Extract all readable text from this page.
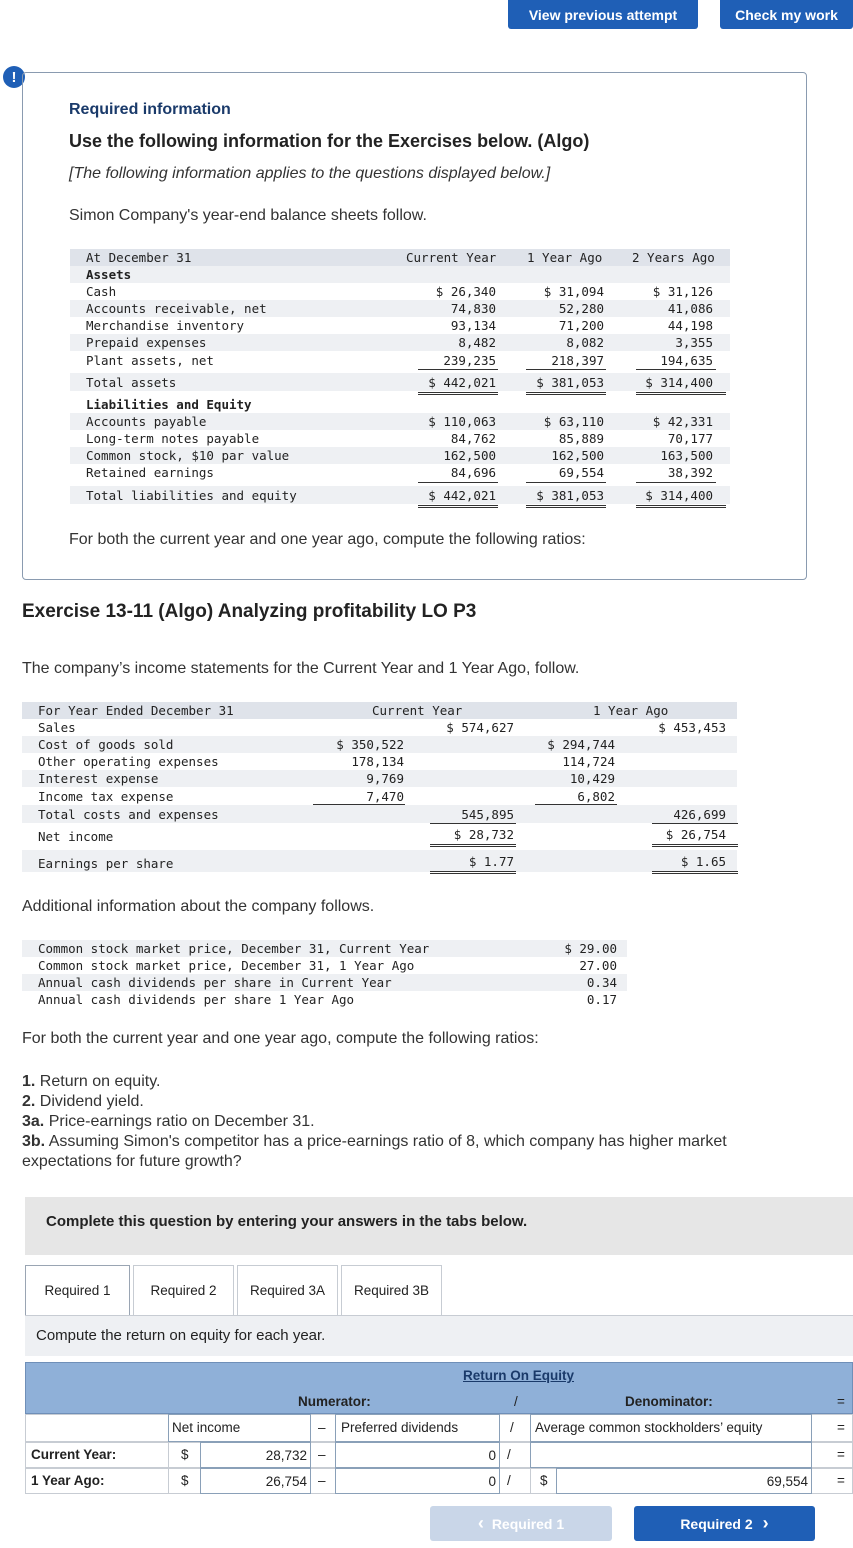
View previous attempt	Check my work
!
Required information
Use the following information for the Exercises below. (Algo)
[The following information applies to the questions displayed below.]
Simon Company's year-end balance sheets follow.
At December 31	Current Year 1 Year Ago 2 Years Ago
Assets
Cash	$ 26,340	$ 31,094	$ 31,126
Accounts receivable, net	74,830	52,280	41,086
Merchandise inventory	93,134	71,200	44,198
Prepaid expenses	8,482	8,082	3,355
Plant assets, net	239,235	218,397	194,635
Total assets	$ 442,021	$ 381,053	$ 314,400
Liabilities and Equity
Accounts payable	$ 110,063	$ 63,110	$ 42,331
Long-term notes payable	84,762	85,889	70,177
Common stock, $10 par value	162,500	162,500	163,500
Retained earnings	84,696	69,554	38,392
Total liabilities and equity	$ 442,021	$ 381,053	$ 314,400
For both the current year and one year ago, compute the following ratios:
Exercise 13-11 (Algo) Analyzing profitability LO P3
The company’s income statements for the Current Year and 1 Year Ago, follow.
For Year Ended December 31	Current Year	1 Year Ago
Sales	$ 574,627	$ 453,453
Cost of goods sold	$ 350,522	$ 294,744
Other operating expenses	178,134	114,724
Interest expense	9,769	10,429
Income tax expense	7,470	6,802
Total costs and expenses	545,895	426,699
Net income	$ 28,732	$ 26,754
Earnings per share	$ 1.77	$ 1.65
Additional information about the company follows.
Common stock market price, December 31, Current Year	$ 29.00
Common stock market price, December 31, 1 Year Ago	27.00
Annual cash dividends per share in Current Year	0.34
Annual cash dividends per share 1 Year Ago	0.17
For both the current year and one year ago, compute the following ratios:
1. Return on equity.
2. Dividend yield.
3a. Price-earnings ratio on December 31.
3b. Assuming Simon's competitor has a price-earnings ratio of 8, which company has higher market expectations for future growth?
Complete this question by entering your answers in the tabs below.
Required 1	Required 2	Required 3A	Required 3B
Compute the return on equity for each year.
Return On Equity
Numerator:	/	Denominator:	=
Net income	–	Preferred dividends	/	Average common stockholders’ equity	=
Current Year:	$	28,732 –	0 /	=
1 Year Ago:	$	26,754 –	0 / $	69,554 =
‹ Required 1	Required 2 ›
